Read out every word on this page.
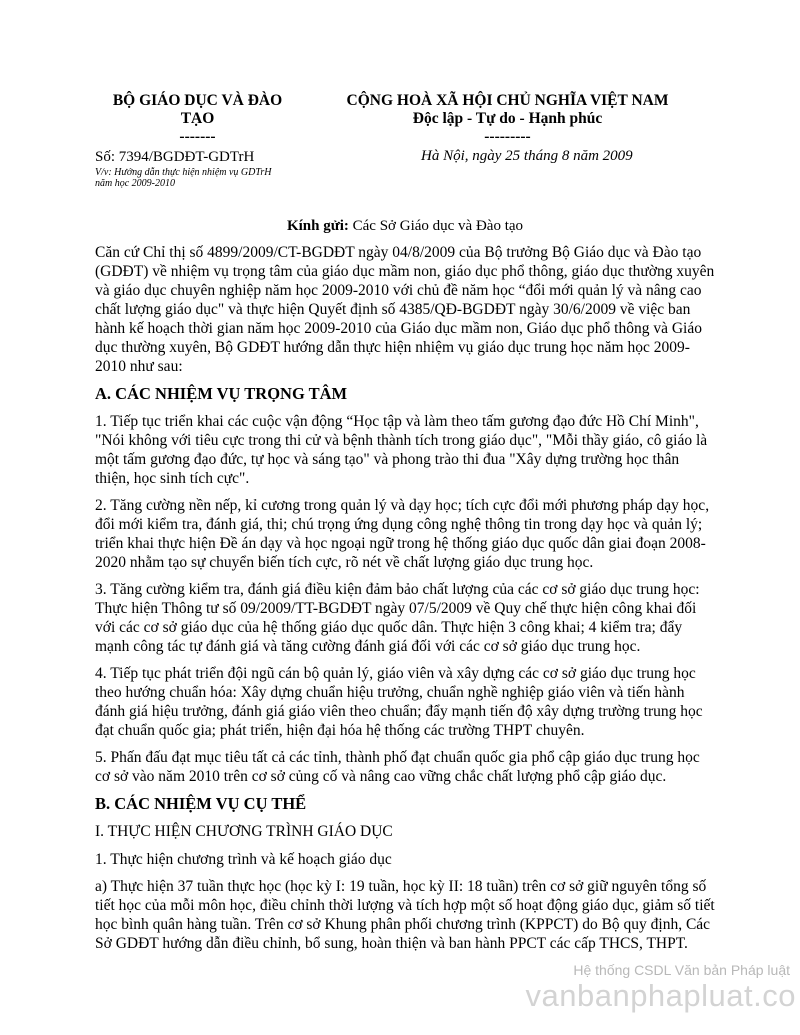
BỘ GIÁO DỤC VÀ ĐÀO
TẠO
-------
CỘNG HOÀ XÃ HỘI CHỦ NGHĨA VIỆT NAM
Độc lập - Tự do - Hạnh phúc
---------
Số: 7394/BGDĐT-GDTrH	Hà Nội, ngày 25 tháng 8 năm 2009
V/v: Hướng dẫn thực hiện nhiệm vụ GDTrH
năm học 2009-2010
Kính gửi: Các Sở Giáo dục và Đào tạo

Căn cứ Chỉ thị số 4899/2009/CT-BGDĐT ngày 04/8/2009 của Bộ trưởng Bộ Giáo dục và Đào tạo (GDĐT) về nhiệm vụ trọng tâm của giáo dục mầm non, giáo dục phổ thông, giáo dục thường xuyên và giáo dục chuyên nghiệp năm học 2009-2010 với chủ đề năm học “đổi mới quản lý và nâng cao chất lượng giáo dục" và thực hiện Quyết định số 4385/QĐ-BGDĐT ngày 30/6/2009 về việc ban hành kế hoạch thời gian năm học 2009-2010 của Giáo dục mầm non, Giáo dục phổ thông và Giáo dục thường xuyên, Bộ GDĐT hướng dẫn thực hiện nhiệm vụ giáo dục trung học năm học 2009-2010 như sau:

A. CÁC NHIỆM VỤ TRỌNG TÂM

1. Tiếp tục triển khai các cuộc vận động “Học tập và làm theo tấm gương đạo đức Hồ Chí Minh", "Nói không với tiêu cực trong thi cử và bệnh thành tích trong giáo dục", "Mỗi thầy giáo, cô giáo là một tấm gương đạo đức, tự học và sáng tạo" và phong trào thi đua "Xây dựng trường học thân thiện, học sinh tích cực".

2. Tăng cường nền nếp, kỉ cương trong quản lý và dạy học; tích cực đổi mới phương pháp dạy học, đổi mới kiểm tra, đánh giá, thi; chú trọng ứng dụng công nghệ thông tin trong dạy học và quản lý; triển khai thực hiện Đề án dạy và học ngoại ngữ trong hệ thống giáo dục quốc dân giai đoạn 2008-2020 nhằm tạo sự chuyển biến tích cực, rõ nét về chất lượng giáo dục trung học.

3. Tăng cường kiểm tra, đánh giá điều kiện đảm bảo chất lượng của các cơ sở giáo dục trung học: Thực hiện Thông tư số 09/2009/TT-BGDĐT ngày 07/5/2009 về Quy chế thực hiện công khai đối với các cơ sở giáo dục của hệ thống giáo dục quốc dân. Thực hiện 3 công khai; 4 kiểm tra; đẩy mạnh công tác tự đánh giá và tăng cường đánh giá đối với các cơ sở giáo dục trung học.

4. Tiếp tục phát triển đội ngũ cán bộ quản lý, giáo viên và xây dựng các cơ sở giáo dục trung học theo hướng chuẩn hóa: Xây dựng chuẩn hiệu trưởng, chuẩn nghề nghiệp giáo viên và tiến hành đánh giá hiệu trưởng, đánh giá giáo viên theo chuẩn; đẩy mạnh tiến độ xây dựng trường trung học đạt chuẩn quốc gia; phát triển, hiện đại hóa hệ thống các trường THPT chuyên.

5. Phấn đấu đạt mục tiêu tất cả các tỉnh, thành phố đạt chuẩn quốc gia phổ cập giáo dục trung học cơ sở vào năm 2010 trên cơ sở củng cố và nâng cao vững chắc chất lượng phổ cập giáo dục.

B. CÁC NHIỆM VỤ CỤ THỂ
I. THỰC HIỆN CHƯƠNG TRÌNH GIÁO DỤC

1. Thực hiện chương trình và kế hoạch giáo dục

a) Thực hiện 37 tuần thực học (học kỳ I: 19 tuần, học kỳ II: 18 tuần) trên cơ sở giữ nguyên tổng số tiết học của mỗi môn học, điều chỉnh thời lượng và tích hợp một số hoạt động giáo dục, giảm số tiết học bình quân hàng tuần. Trên cơ sở Khung phân phối chương trình (KPPCT) do Bộ quy định, Các Sở GDĐT hướng dẫn điều chỉnh, bổ sung, hoàn thiện và ban hành PPCT các cấp THCS, THPT.

Hệ thống CSDL Văn bản Pháp luật
vanbanphapluat.co
